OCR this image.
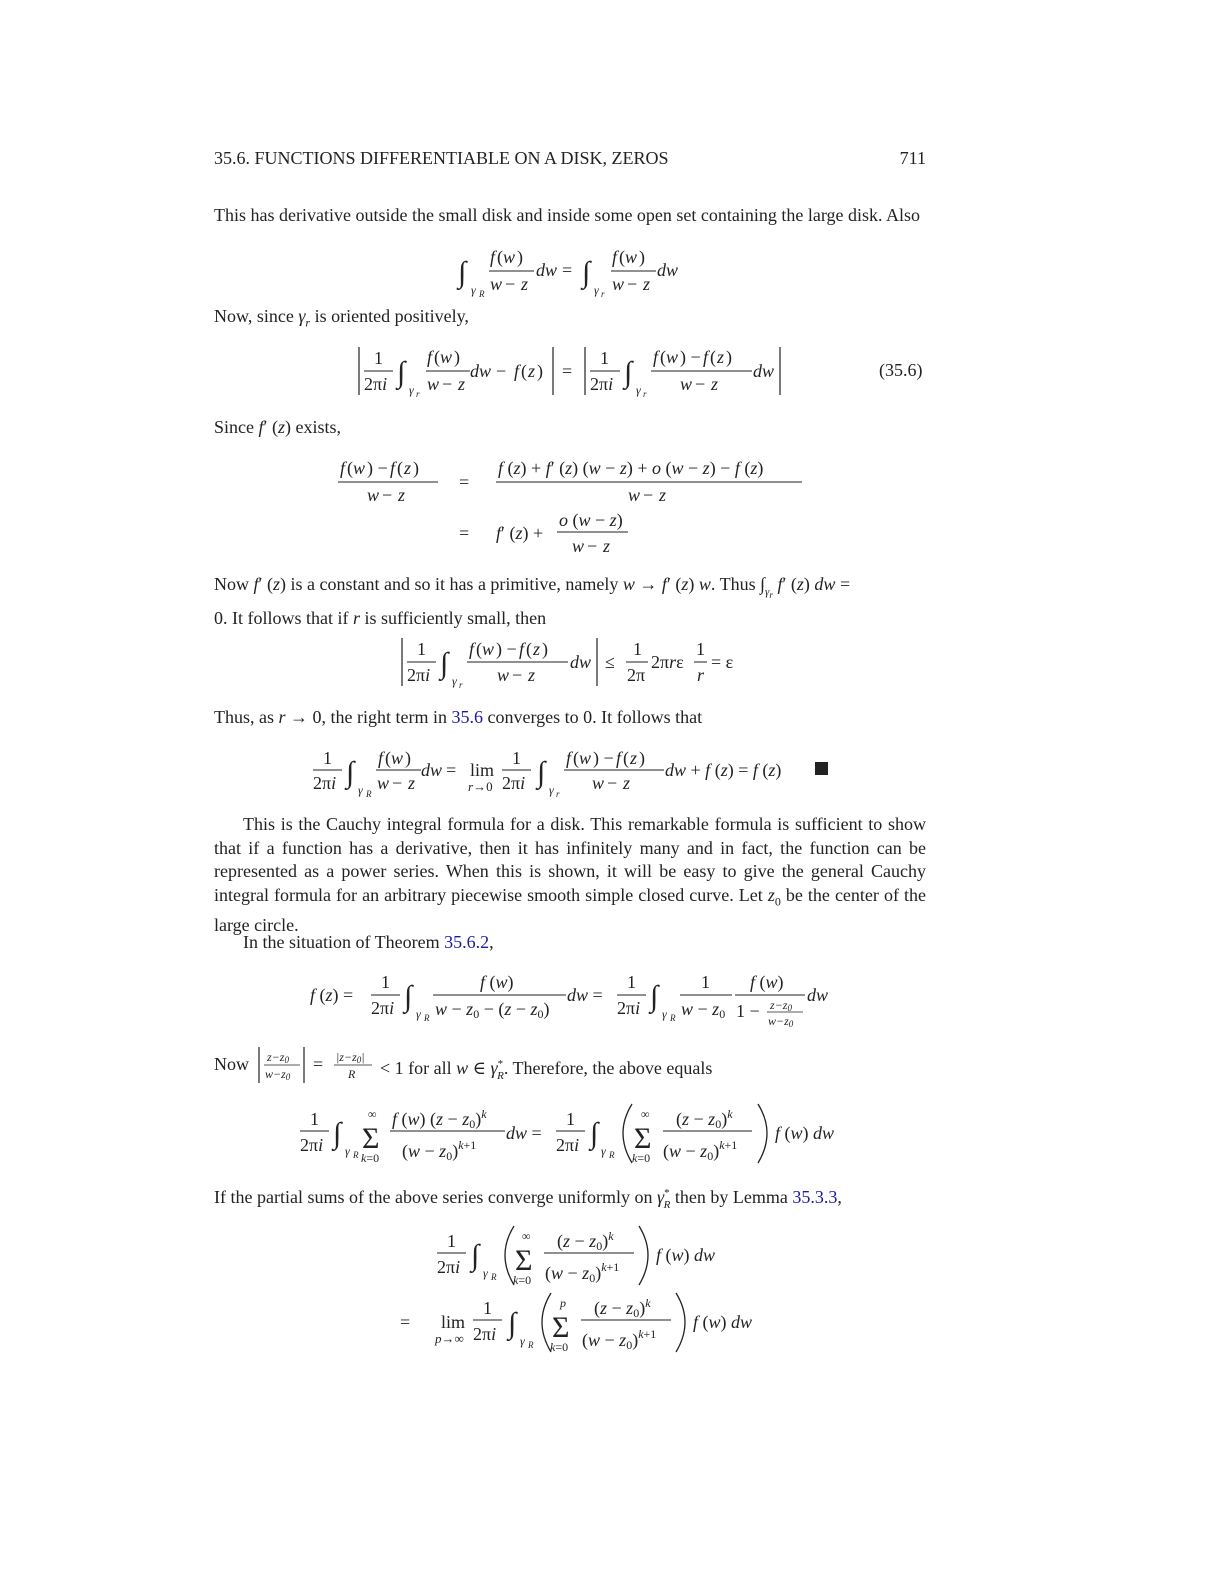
35.6. FUNCTIONS DIFFERENTIABLE ON A DISK, ZEROS	711
This has derivative outside the small disk and inside some open set containing the large disk. Also
Now, since $\gamma_r$ is oriented positively,
(35.6)
Since f′ (z) exists,
Now f′ (z) is a constant and so it has a primitive, namely w → f′ (z) w. Thus $\int_{\gamma_r}$ f′ (z) dw =
0. It follows that if r is sufficiently small, then
Thus, as r → 0, the right term in 35.6 converges to 0. It follows that
This is the Cauchy integral formula for a disk. This remarkable formula is sufficient to show that if a function has a derivative, then it has infinitely many and in fact, the function can be represented as a power series. When this is shown, it will be easy to give the general Cauchy integral formula for an arbitrary piecewise smooth simple closed curve. Let $z_0$ be the center of the large circle.
In the situation of Theorem 35.6.2,
Now	< 1 for all w ∈ $\gamma^*_R$. Therefore, the above equals
If the partial sums of the above series converge uniformly on $\gamma^*_R$ then by Lemma 35.3.3,
∫
γ R
f ( w )
w − z
dw = ∫
γ r
f ( w )
w − z
dw
1
2πi ∫
γ r
f ( w )
w − z
dw − f ( z ) =
1
2πi ∫
γ r
f ( w ) − f ( z )
w − z
dw
f ( w ) − f ( z )
w − z
=
f (z) + f′ (z) (w − z) + o (w − z) − f (z)
w − z
= f′ (z) +
o (w − z)
w − z
1
2πi ∫
γ r
f ( w ) − f ( z )
w − z
dw ≤
1
2π
2πrε
1
r
= ε
1
2πi ∫
γ R
f ( w )
w − z
dw = lim
r→0
1
2πi ∫
γ r
f ( w ) − f ( z )
w − z
dw + f (z) = f (z)
f (z) =
1
2πi ∫
γ R
f (w)
w − z0 − (z − z0)
dw =
1
2πi ∫
γ R
1
w − z0
f (w)
1 − z−z0
w−z0
dw
z−z0
w−z0
= |z−z0|
R
1
2πi ∫
γ R
∞
Σ
k=0
f (w) $(z - z0)^k$
$(w - z0)^{k+1}$
dw =
1
2πi ∫
γ R
∞
Σ
k=0
$(z - z0)^k$
$(w - z0)^{k+1}$
f (w) dw
1
2πi ∫
γ R
∞
Σ
k=0
$(z - z0)^k$
$(w - z0)^{k+1}$
f (w) dw
= lim
p→∞
1
2πi ∫
γ R
p
Σ
k=0
$(z - z0)^k$
$(w - z0)^{k+1}$
f (w) dw
